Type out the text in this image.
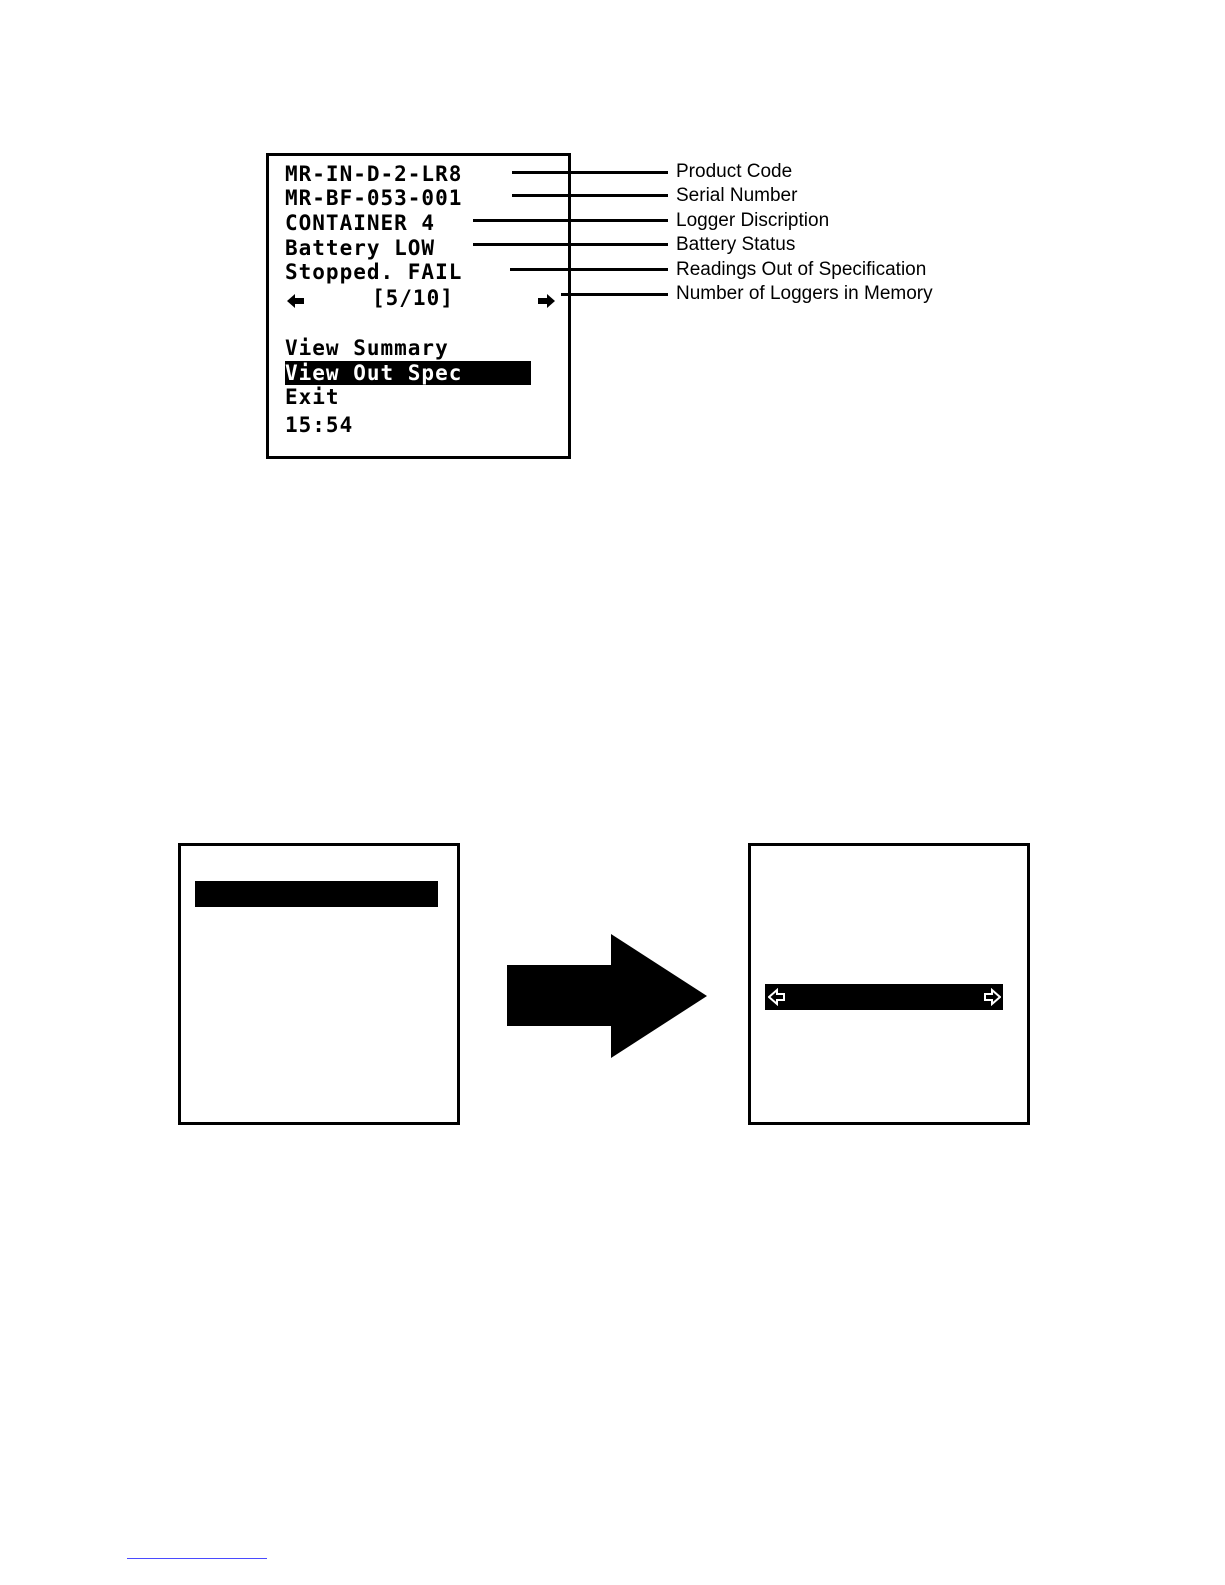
MR-IN-D-2-LR8
MR-BF-053-001
CONTAINER 4
Battery LOW
Stopped. FAIL
[5/10]
View Summary
View Out Spec
Exit
15:54
Product Code
Serial Number
Logger Discription
Battery Status
Readings Out of Specification
Number of Loggers in Memory
